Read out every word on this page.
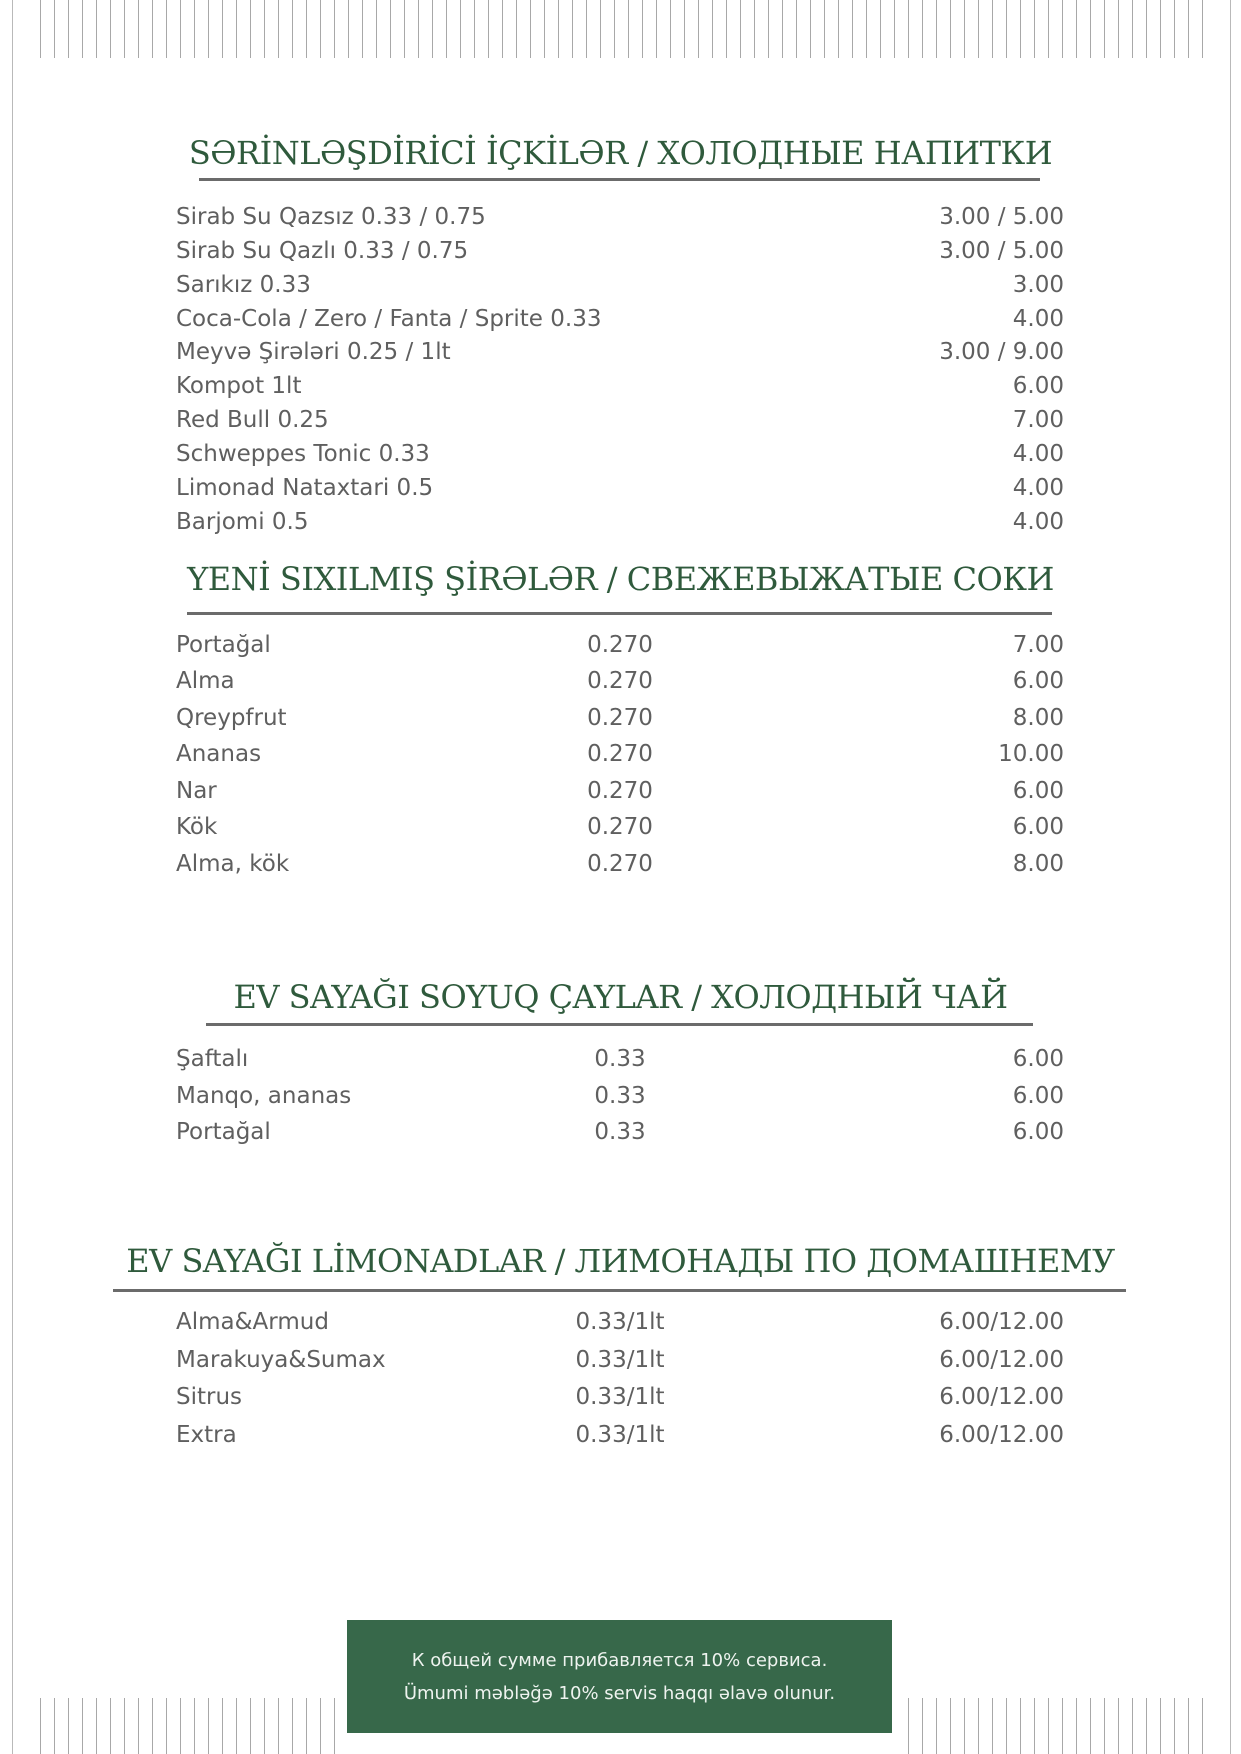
SƏRİNLƏŞDİRİCİ İÇKİLƏR / ХОЛОДНЫЕ НАПИТКИ
Sirab Su Qazsız 0.33 / 0.75	3.00 / 5.00
Sirab Su Qazlı 0.33 / 0.75	3.00 / 5.00
Sarıkız 0.33	3.00
Coca-Cola / Zero / Fanta / Sprite 0.33	4.00
Meyvə Şirələri 0.25 / 1lt	3.00 / 9.00
Kompot 1lt	6.00
Red Bull 0.25	7.00
Schweppes Tonic 0.33	4.00
Limonad Nataxtari 0.5	4.00
Barjomi 0.5	4.00
YENİ SIXILMIŞ ŞİRƏLƏR / СВЕЖЕВЫЖАТЫЕ СОКИ
Portağal	0.270	7.00
Alma	0.270	6.00
Qreypfrut	0.270	8.00
Ananas	0.270	10.00
Nar	0.270	6.00
Kök	0.270	6.00
Alma, kök	0.270	8.00
EV SAYAĞI SOYUQ ÇAYLAR / ХОЛОДНЫЙ ЧАЙ
Şaftalı	0.33	6.00
Manqo, ananas	0.33	6.00
Portağal	0.33	6.00
EV SAYAĞI LİMONADLAR / ЛИМОНАДЫ ПО ДОМАШНЕМУ
Alma&Armud	0.33/1lt	6.00/12.00
Marakuya&Sumax	0.33/1lt	6.00/12.00
Sitrus	0.33/1lt	6.00/12.00
Extra	0.33/1lt	6.00/12.00
К общей сумме прибавляется 10% сервиса.
Ümumi məbləğə 10% servis haqqı əlavə olunur.
